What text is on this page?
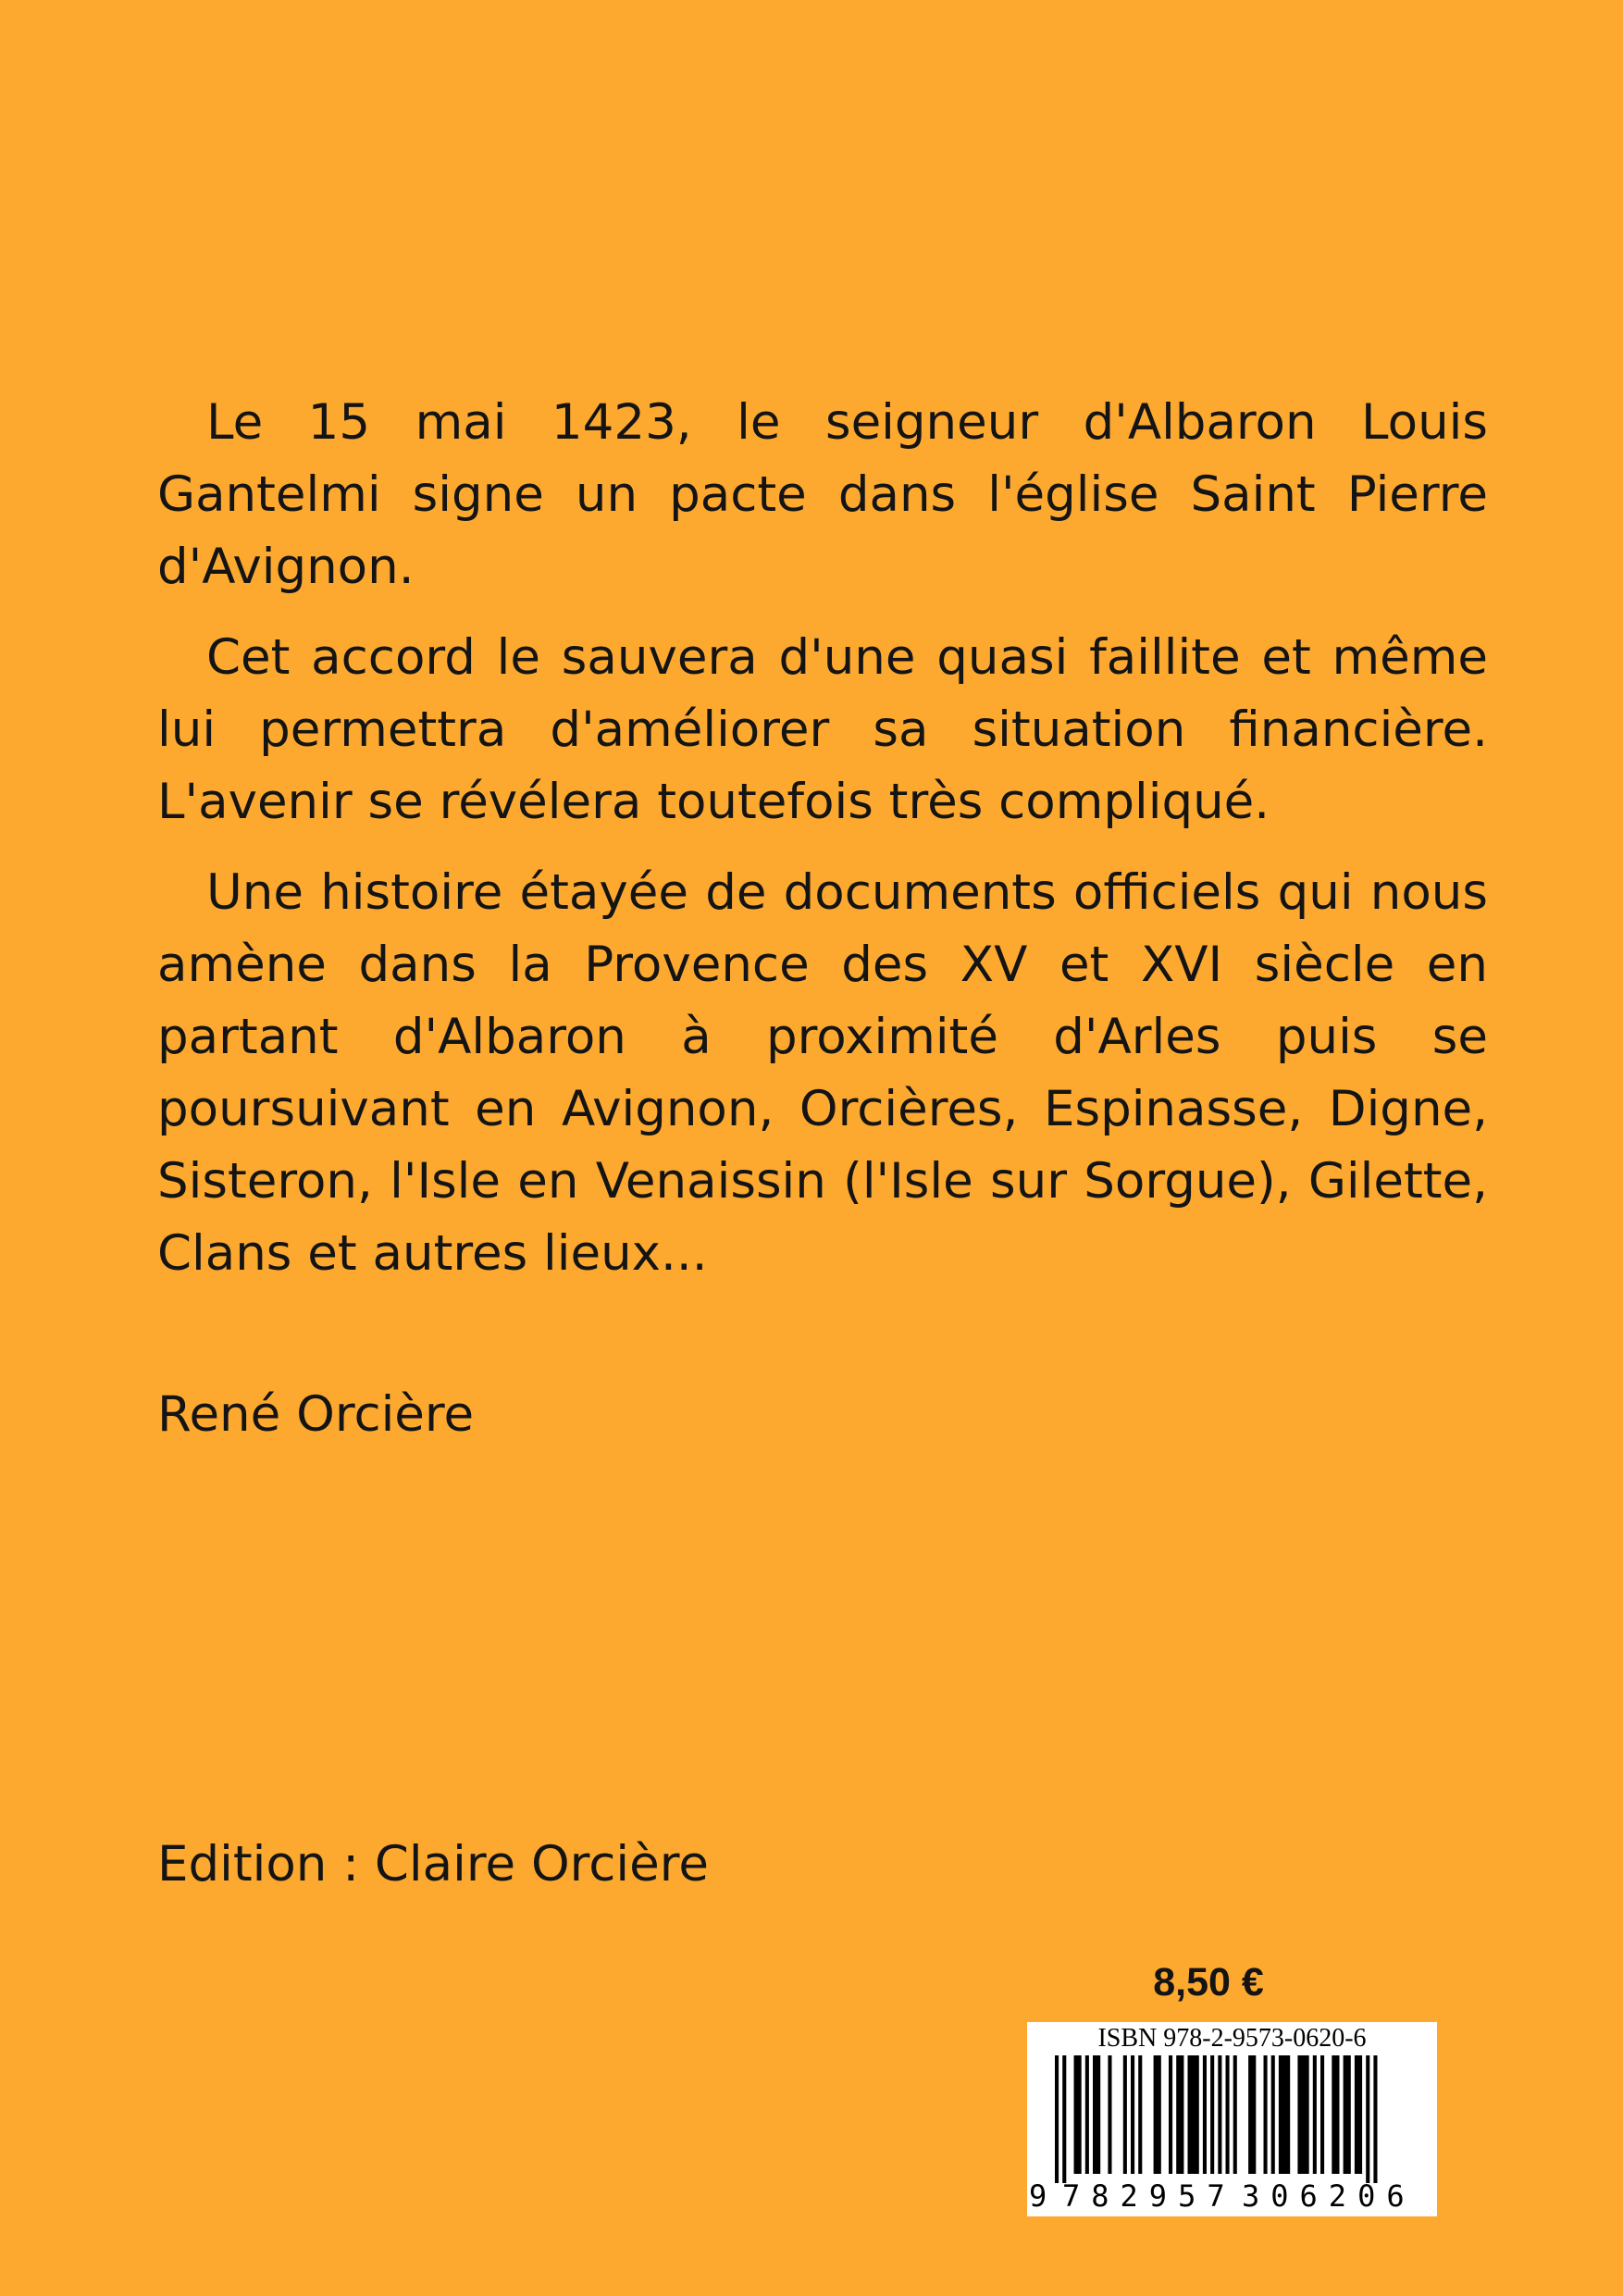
Le 15 mai 1423, le seigneur d'Albaron Louis Gantelmi signe un pacte dans l'église Saint Pierre d'Avignon.

Cet accord le sauvera d'une quasi faillite et même lui permettra d'améliorer sa situation financière. L'avenir se révélera toutefois très compliqué.

Une histoire étayée de documents officiels qui nous amène dans la Provence des XV et XVI siècle en partant d'Albaron à proximité d'Arles puis se poursuivant en Avignon, Orcières, Espinasse, Digne, Sisteron, l'Isle en Venaissin (l'Isle sur Sorgue), Gilette, Clans et autres lieux...

René Orcière
Edition : Claire Orcière
8,50 €
ISBN 978-2-9573-0620-6
9 782957 306206
